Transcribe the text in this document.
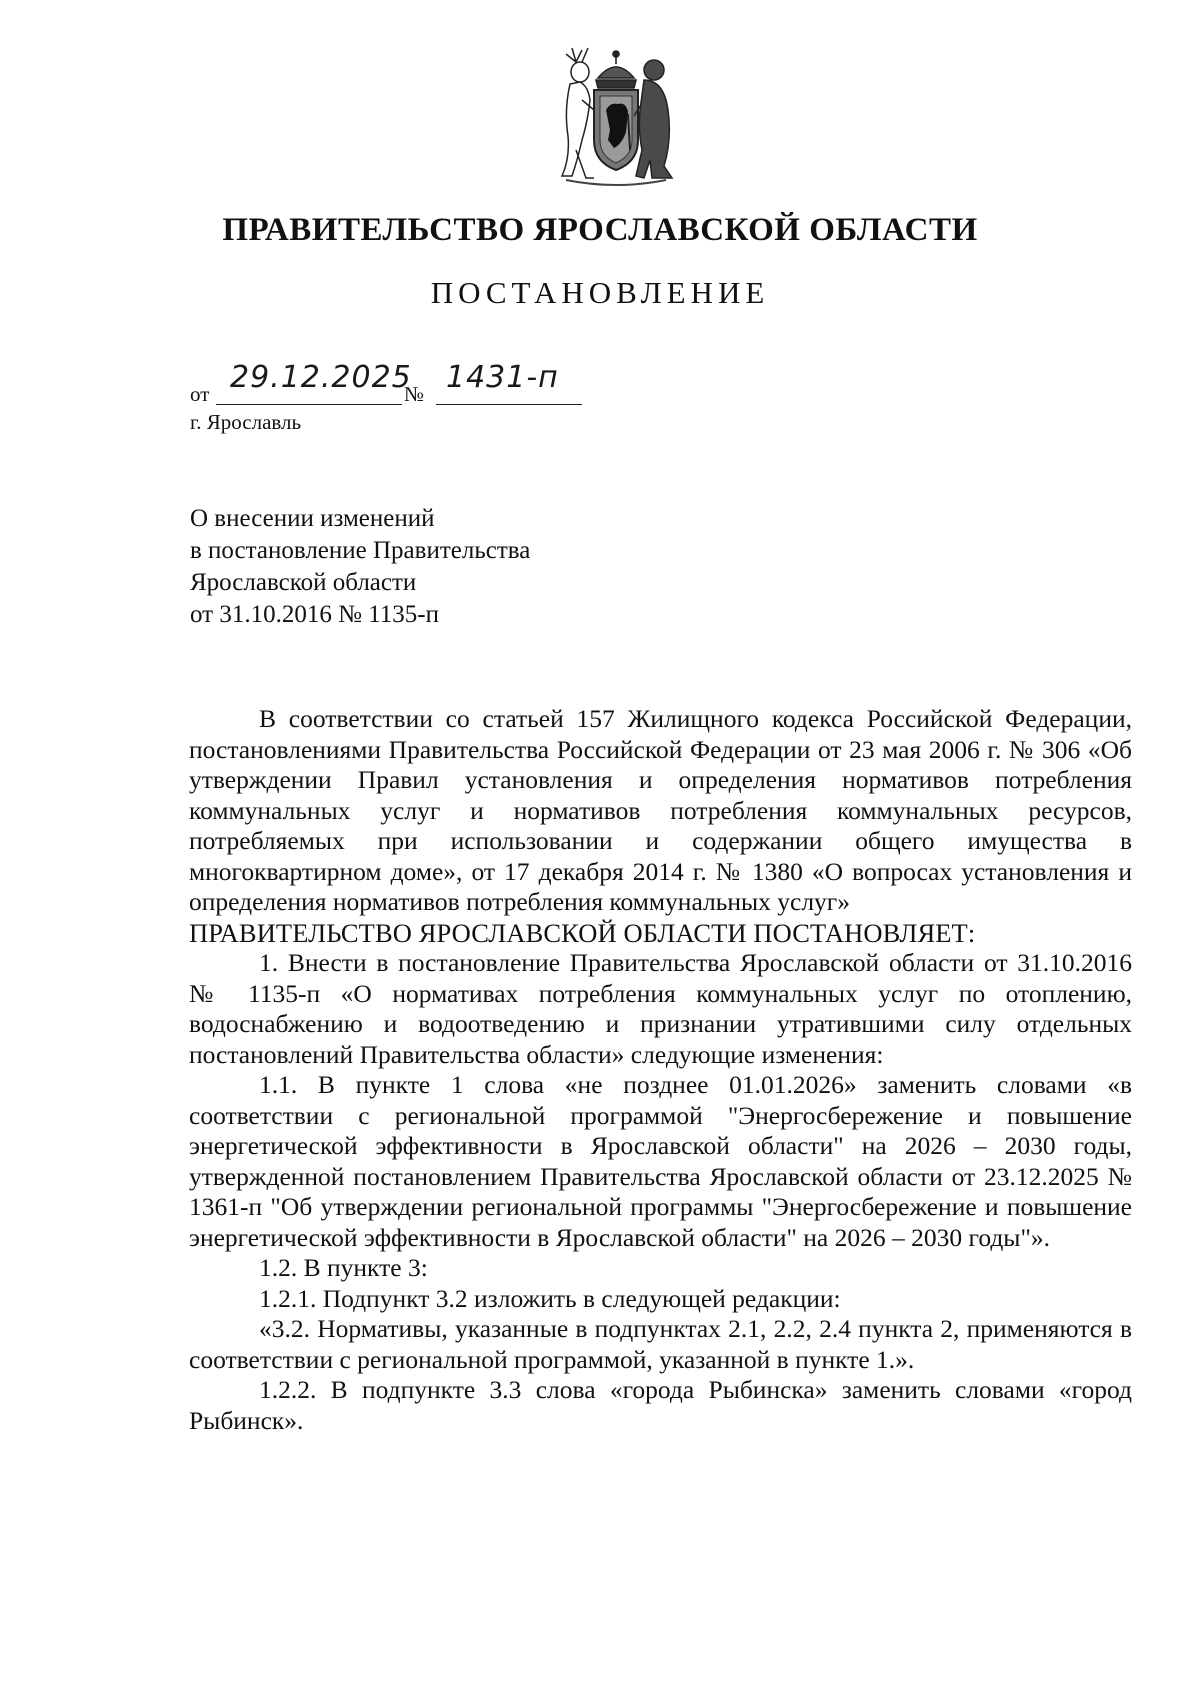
ПРАВИТЕЛЬСТВО ЯРОСЛАВСКОЙ ОБЛАСТИ
ПОСТАНОВЛЕНИЕ
от 29.12.2025
№ 1431-п
г. Ярославль
О внесении изменений
в постановление Правительства
Ярославской области
от 31.10.2016 № 1135-п

В соответствии со статьей 157 Жилищного кодекса Российской Федерации, постановлениями Правительства Российской Федерации от 23 мая 2006 г. № 306 «Об утверждении Правил установления и определения нормативов потребления коммунальных услуг и нормативов потребления коммунальных ресурсов, потребляемых при использовании и содержании общего имущества в многоквартирном доме», от 17 декабря 2014 г. № 1380 «О вопросах установления и определения нормативов потребления коммунальных услуг»

ПРАВИТЕЛЬСТВО ЯРОСЛАВСКОЙ ОБЛАСТИ ПОСТАНОВЛЯЕТ:

1. Внести в постановление Правительства Ярославской области от 31.10.2016 № 1135-п «О нормативах потребления коммунальных услуг по отоплению, водоснабжению и водоотведению и признании утратившими силу отдельных постановлений Правительства области» следующие изменения:

1.1. В пункте 1 слова «не позднее 01.01.2026» заменить словами «в соответствии с региональной программой "Энергосбережение и повышение энергетической эффективности в Ярославской области" на 2026 – 2030 годы, утвержденной постановлением Правительства Ярославской области от 23.12.2025 № 1361-п "Об утверждении региональной программы "Энергосбережение и повышение энергетической эффективности в Ярославской области" на 2026 – 2030 годы"».

1.2. В пункте 3:

1.2.1. Подпункт 3.2 изложить в следующей редакции:

«3.2. Нормативы, указанные в подпунктах 2.1, 2.2, 2.4 пункта 2, применяются в соответствии с региональной программой, указанной в пункте 1.».

1.2.2. В подпункте 3.3 слова «города Рыбинска» заменить словами «город Рыбинск».
